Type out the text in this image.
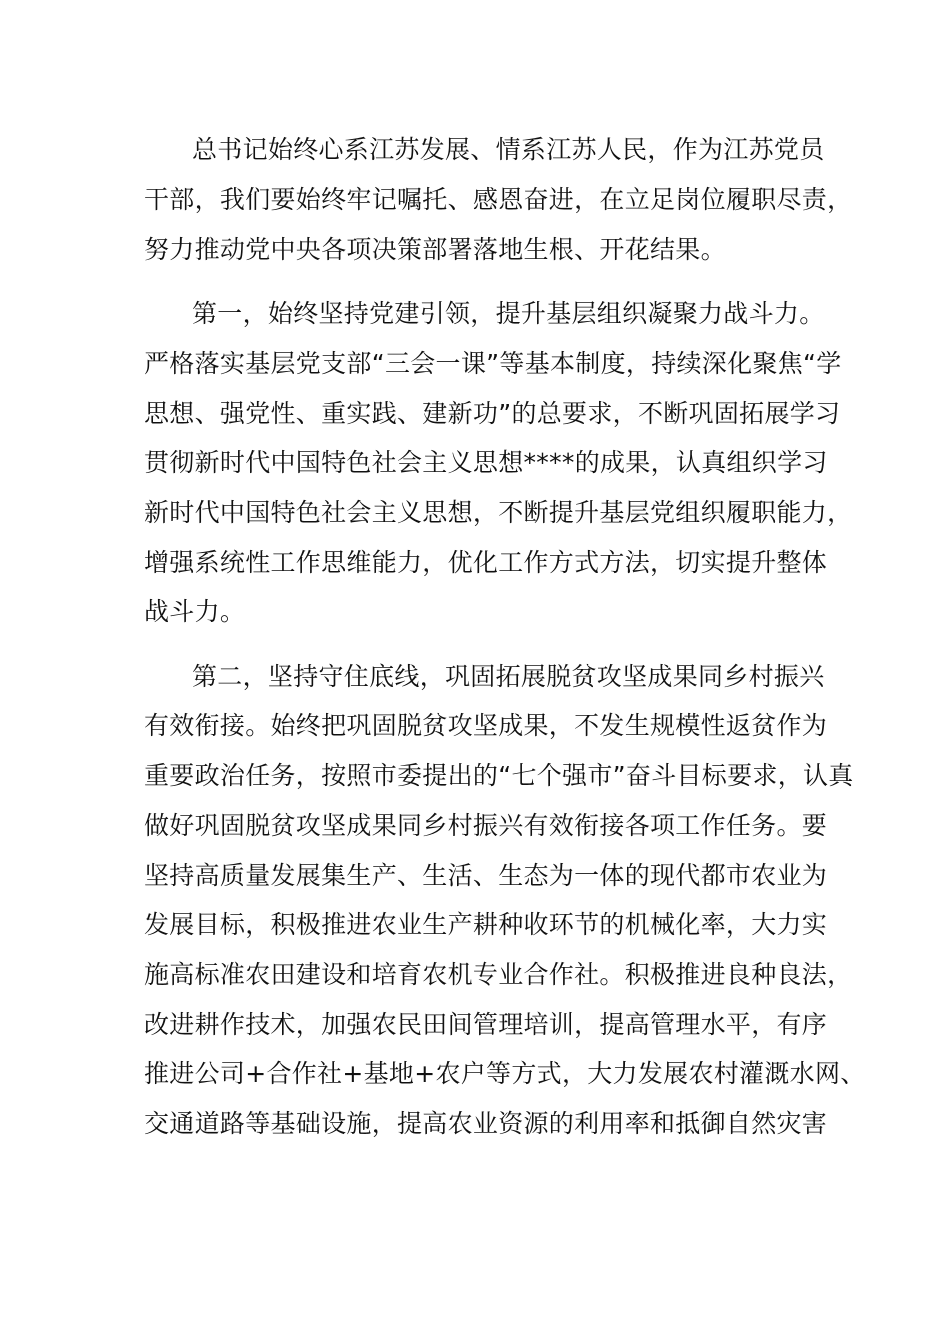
总书记始终心系江苏发展、情系江苏人民，作为江苏党员
干部，我们要始终牢记嘱托、感恩奋进，在立足岗位履职尽责，
努力推动党中央各项决策部署落地生根、开花结果。
第一，始终坚持党建引领，提升基层组织凝聚力战斗力。
严格落实基层党支部“三会一课”等基本制度，持续深化聚焦“学
思想、强党性、重实践、建新功”的总要求，不断巩固拓展学习
贯彻新时代中国特色社会主义思想****的成果，认真组织学习
新时代中国特色社会主义思想，不断提升基层党组织履职能力，
增强系统性工作思维能力，优化工作方式方法，切实提升整体
战斗力。
第二，坚持守住底线，巩固拓展脱贫攻坚成果同乡村振兴
有效衔接。始终把巩固脱贫攻坚成果，不发生规模性返贫作为
重要政治任务，按照市委提出的“七个强市”奋斗目标要求，认真
做好巩固脱贫攻坚成果同乡村振兴有效衔接各项工作任务。要
坚持高质量发展集生产、生活、生态为一体的现代都市农业为
发展目标，积极推进农业生产耕种收环节的机械化率，大力实
施高标准农田建设和培育农机专业合作社。积极推进良种良法，
改进耕作技术，加强农民田间管理培训，提高管理水平，有序
推进公司+合作社+基地+农户等方式，大力发展农村灌溉水网、
交通道路等基础设施，提高农业资源的利用率和抵御自然灾害
